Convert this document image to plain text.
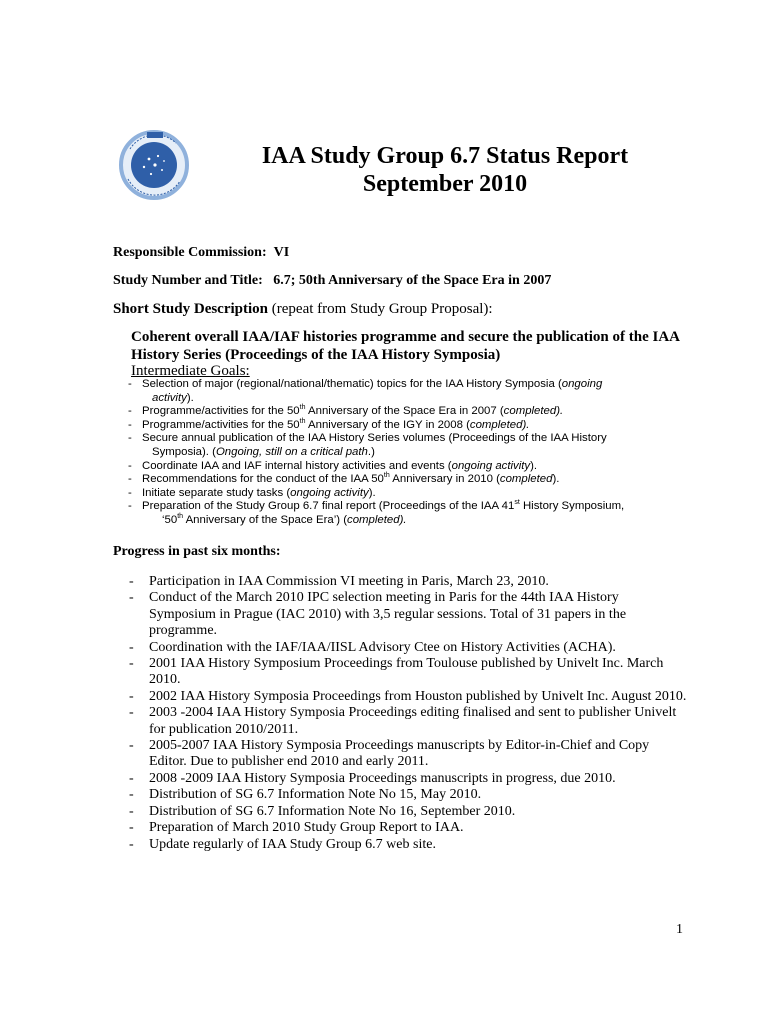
IAA Study Group 6.7 Status Report
September 2010
Responsible Commission: VI
Study Number and Title: 6.7; 50th Anniversary of the Space Era in 2007
Short Study Description (repeat from Study Group Proposal):
Coherent overall IAA/IAF histories programme and secure the publication of the IAA History Series (Proceedings of the IAA History Symposia)
Intermediate Goals:
- Selection of major (regional/national/thematic) topics for the IAA History Symposia (ongoing
activity).
- Programme/activities for the 50th Anniversary of the Space Era in 2007 (completed).
- Programme/activities for the 50th Anniversary of the IGY in 2008 (completed).
- Secure annual publication of the IAA History Series volumes (Proceedings of the IAA History
Symposia). (Ongoing, still on a critical path.)
- Coordinate IAA and IAF internal history activities and events (ongoing activity).
- Recommendations for the conduct of the IAA 50th Anniversary in 2010 (completed).
- Initiate separate study tasks (ongoing activity).
- Preparation of the Study Group 6.7 final report (Proceedings of the IAA 41st History Symposium,
‘50th Anniversary of the Space Era’) (completed).
Progress in past six months:
- Participation in IAA Commission VI meeting in Paris, March 23, 2010.
- Conduct of the March 2010 IPC selection meeting in Paris for the 44th IAA History Symposium in Prague (IAC 2010) with 3,5 regular sessions. Total of 31 papers in the programme.
- Coordination with the IAF/IAA/IISL Advisory Ctee on History Activities (ACHA).
- 2001 IAA History Symposium Proceedings from Toulouse published by Univelt Inc. March 2010.
- 2002 IAA History Symposia Proceedings from Houston published by Univelt Inc. August 2010.
- 2003 -2004 IAA History Symposia Proceedings editing finalised and sent to publisher Univelt for publication 2010/2011.
- 2005-2007 IAA History Symposia Proceedings manuscripts by Editor-in-Chief and Copy Editor. Due to publisher end 2010 and early 2011.
- 2008 -2009 IAA History Symposia Proceedings manuscripts in progress, due 2010.
- Distribution of SG 6.7 Information Note No 15, May 2010.
- Distribution of SG 6.7 Information Note No 16, September 2010.
- Preparation of March 2010 Study Group Report to IAA.
- Update regularly of IAA Study Group 6.7 web site.
1
